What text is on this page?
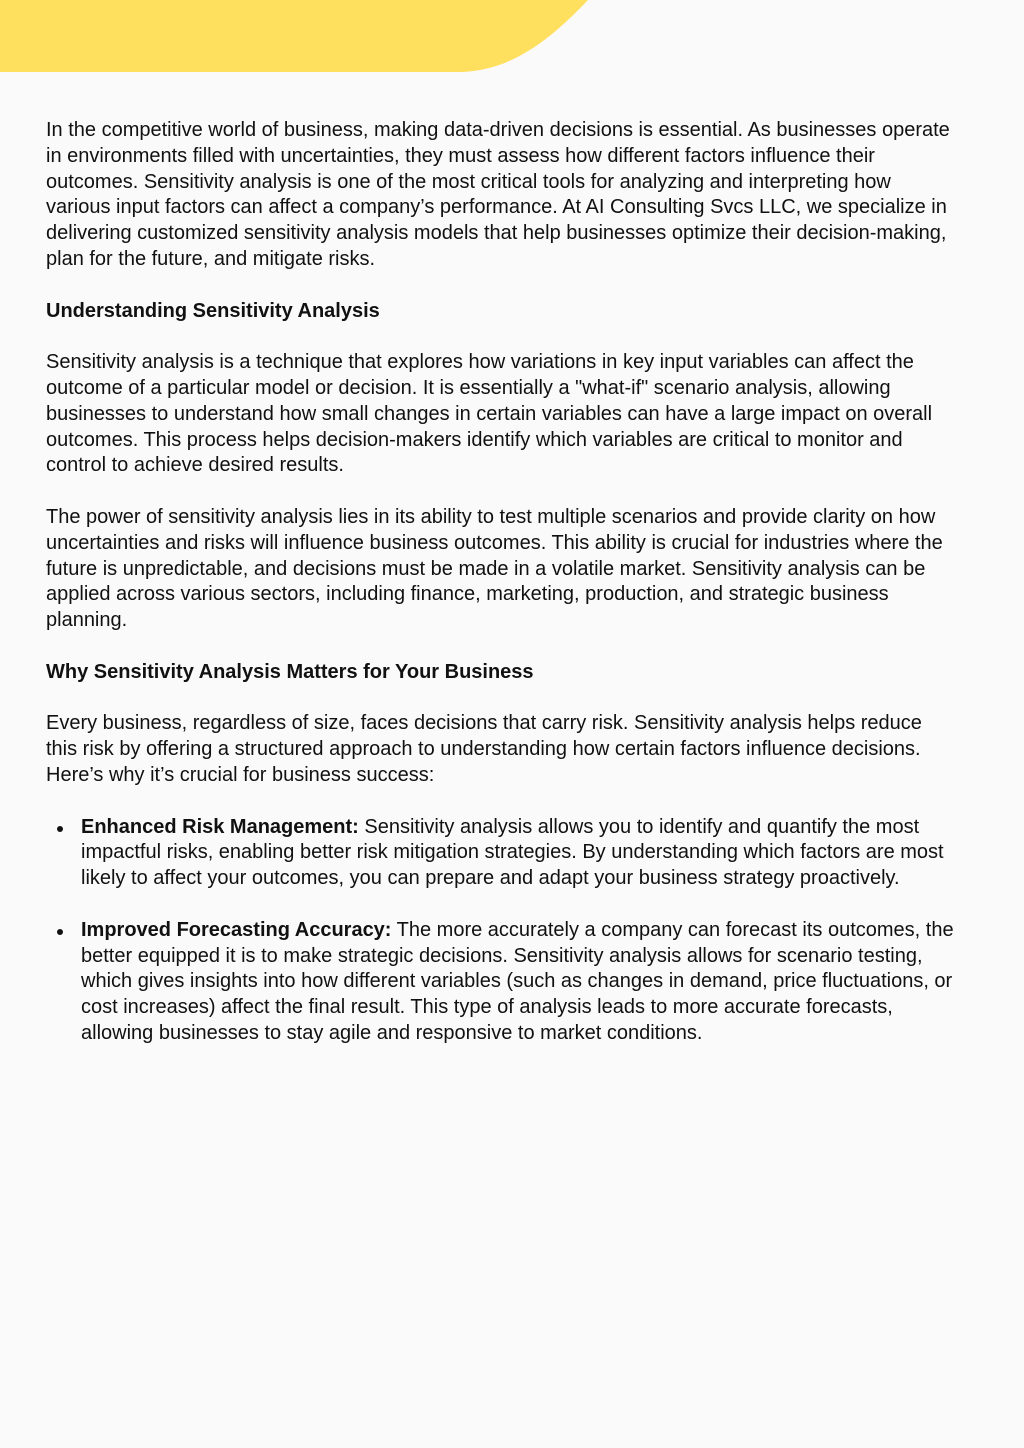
In the competitive world of business, making data-driven decisions is essential. As businesses operate in environments filled with uncertainties, they must assess how different factors influence their outcomes. Sensitivity analysis is one of the most critical tools for analyzing and interpreting how various input factors can affect a company’s performance. At AI Consulting Svcs LLC, we specialize in delivering customized sensitivity analysis models that help businesses optimize their decision-making, plan for the future, and mitigate risks.

Understanding Sensitivity Analysis

Sensitivity analysis is a technique that explores how variations in key input variables can affect the outcome of a particular model or decision. It is essentially a "what-if" scenario analysis, allowing businesses to understand how small changes in certain variables can have a large impact on overall outcomes. This process helps decision-makers identify which variables are critical to monitor and control to achieve desired results.

The power of sensitivity analysis lies in its ability to test multiple scenarios and provide clarity on how uncertainties and risks will influence business outcomes. This ability is crucial for industries where the future is unpredictable, and decisions must be made in a volatile market. Sensitivity analysis can be applied across various sectors, including finance, marketing, production, and strategic business planning.

Why Sensitivity Analysis Matters for Your Business

Every business, regardless of size, faces decisions that carry risk. Sensitivity analysis helps reduce this risk by offering a structured approach to understanding how certain factors influence decisions. Here’s why it’s crucial for business success:

Enhanced Risk Management: Sensitivity analysis allows you to identify and quantify the most impactful risks, enabling better risk mitigation strategies. By understanding which factors are most likely to affect your outcomes, you can prepare and adapt your business strategy proactively.
Improved Forecasting Accuracy: The more accurately a company can forecast its outcomes, the better equipped it is to make strategic decisions. Sensitivity analysis allows for scenario testing, which gives insights into how different variables (such as changes in demand, price fluctuations, or cost increases) affect the final result. This type of analysis leads to more accurate forecasts, allowing businesses to stay agile and responsive to market conditions.
